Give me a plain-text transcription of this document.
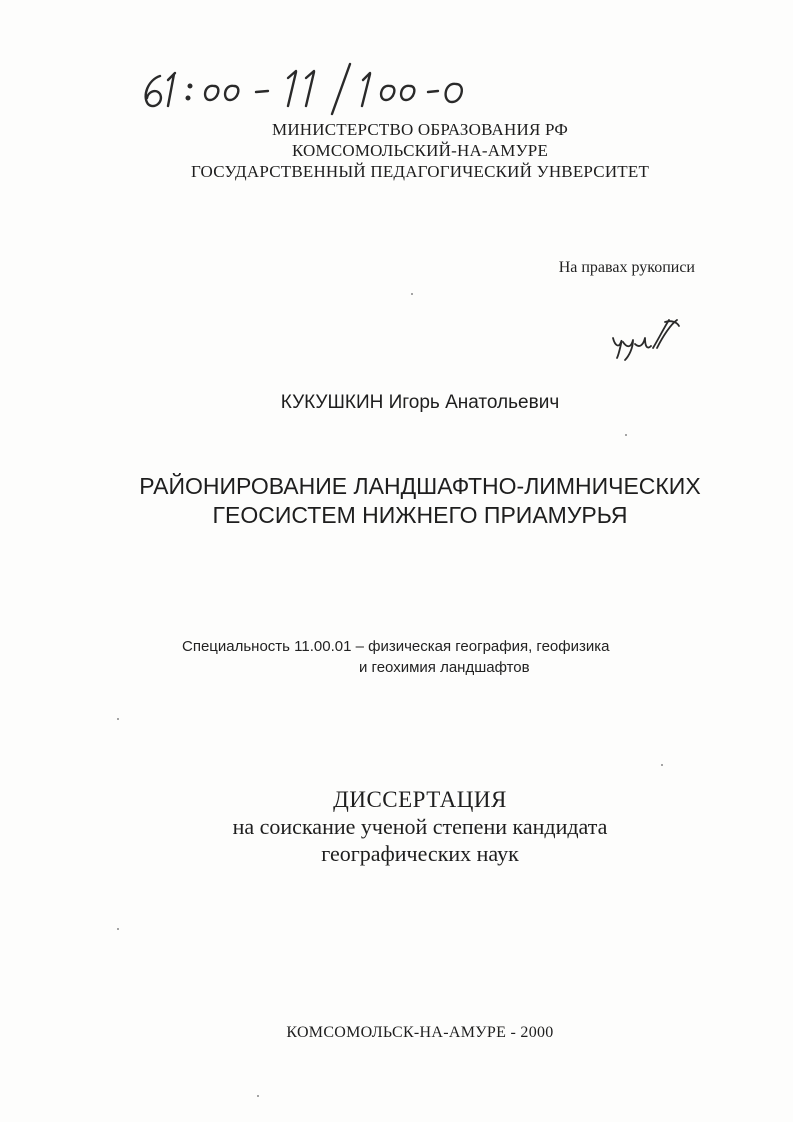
МИНИСТЕРСТВО ОБРАЗОВАНИЯ РФ
КОМСОМОЛЬСКИЙ-НА-АМУРЕ
ГОСУДАРСТВЕННЫЙ ПЕДАГОГИЧЕСКИЙ УНВЕРСИТЕТ
На правах рукописи
КУКУШКИН Игорь Анатольевич
РАЙОНИРОВАНИЕ ЛАНДШАФТНО-ЛИМНИЧЕСКИХ
ГЕОСИСТЕМ НИЖНЕГО ПРИАМУРЬЯ
Специальность 11.00.01 – физическая география, геофизика
и геохимия ландшафтов
ДИССЕРТАЦИЯ
на соискание ученой степени кандидата
географических наук
КОМСОМОЛЬСК-НА-АМУРЕ - 2000
